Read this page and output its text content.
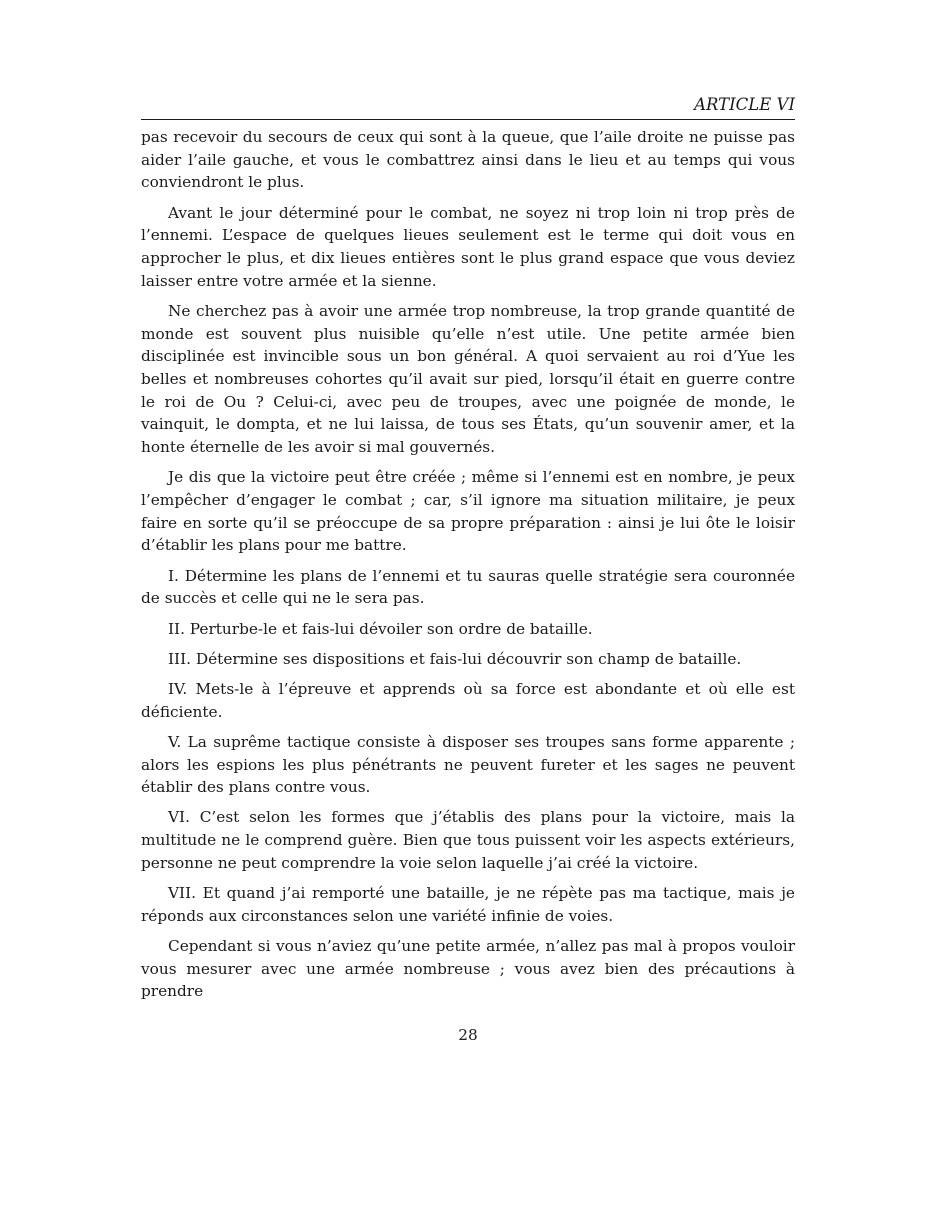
ARTICLE VI

pas recevoir du secours de ceux qui sont à la queue, que l’aile droite ne puisse pas aider l’aile gauche, et vous le combattrez ainsi dans le lieu et au temps qui vous conviendront le plus.

Avant le jour déterminé pour le combat, ne soyez ni trop loin ni trop près de l’ennemi. L’espace de quelques lieues seulement est le terme qui doit vous en approcher le plus, et dix lieues entières sont le plus grand espace que vous deviez laisser entre votre armée et la sienne.

Ne cherchez pas à avoir une armée trop nombreuse, la trop grande quantité de monde est souvent plus nuisible qu’elle n’est utile. Une petite armée bien disciplinée est invincible sous un bon général. A quoi servaient au roi d’Yue les belles et nombreuses cohortes qu’il avait sur pied, lorsqu’il était en guerre contre le roi de Ou ? Celui-ci, avec peu de troupes, avec une poignée de monde, le vainquit, le dompta, et ne lui laissa, de tous ses États, qu’un souvenir amer, et la honte éternelle de les avoir si mal gouvernés.

Je dis que la victoire peut être créée ; même si l’ennemi est en nombre, je peux l’empêcher d’engager le combat ; car, s’il ignore ma situation militaire, je peux faire en sorte qu’il se préoccupe de sa propre préparation : ainsi je lui ôte le loisir d’établir les plans pour me battre.

I. Détermine les plans de l’ennemi et tu sauras quelle stratégie sera couronnée de succès et celle qui ne le sera pas.

II. Perturbe-le et fais-lui dévoiler son ordre de bataille.

III. Détermine ses dispositions et fais-lui découvrir son champ de bataille.

IV. Mets-le à l’épreuve et apprends où sa force est abondante et où elle est déficiente.

V. La suprême tactique consiste à disposer ses troupes sans forme apparente ; alors les espions les plus pénétrants ne peuvent fureter et les sages ne peuvent établir des plans contre vous.

VI. C’est selon les formes que j’établis des plans pour la victoire, mais la multitude ne le comprend guère. Bien que tous puissent voir les aspects extérieurs, personne ne peut comprendre la voie selon laquelle j’ai créé la victoire.

VII. Et quand j’ai remporté une bataille, je ne répète pas ma tactique, mais je réponds aux circonstances selon une variété infinie de voies.

Cependant si vous n’aviez qu’une petite armée, n’allez pas mal à propos vouloir vous mesurer avec une armée nombreuse ; vous avez bien des précautions à prendre

28
